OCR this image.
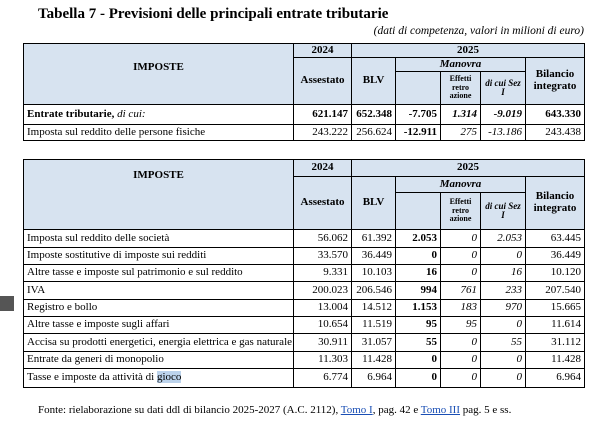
Tabella 7 - Previsioni delle principali entrate tributarie
(dati di competenza, valori in milioni di euro)
IMPOSTE	2024	2025				
	Assestato	BLV	Manovra			Bilancio integrato
				Effetti retro azione	di cui Sez I	
Entrate tributarie, di cui:	621.147	652.348	-7.705	1.314	-9.019	643.330
Imposta sul reddito delle persone fisiche	243.222	256.624	-12.911	275	-13.186	243.438
IMPOSTE	2024	2025				
	Assestato	BLV	Manovra			Bilancio integrato
				Effetti retro azione	di cui Sez I	
Imposta sul reddito delle società	56.062	61.392	2.053	0	2.053	63.445
Imposte sostitutive di imposte sui redditi	33.570	36.449	0	0	0	36.449
Altre tasse e imposte sul patrimonio e sul reddito	9.331	10.103	16	0	16	10.120
IVA	200.023	206.546	994	761	233	207.540
Registro e bollo	13.004	14.512	1.153	183	970	15.665
Altre tasse e imposte sugli affari	10.654	11.519	95	95	0	11.614
Accisa su prodotti energetici, energia elettrica e gas naturale	30.911	31.057	55	0	55	31.112
Entrate da generi di monopolio	11.303	11.428	0	0	0	11.428
Tasse e imposte da attività di gioco	6.774	6.964	0	0	0	6.964
Fonte: rielaborazione su dati ddl di bilancio 2025-2027 (A.C. 2112), Tomo I, pag. 42 e Tomo III pag. 5 e ss.
